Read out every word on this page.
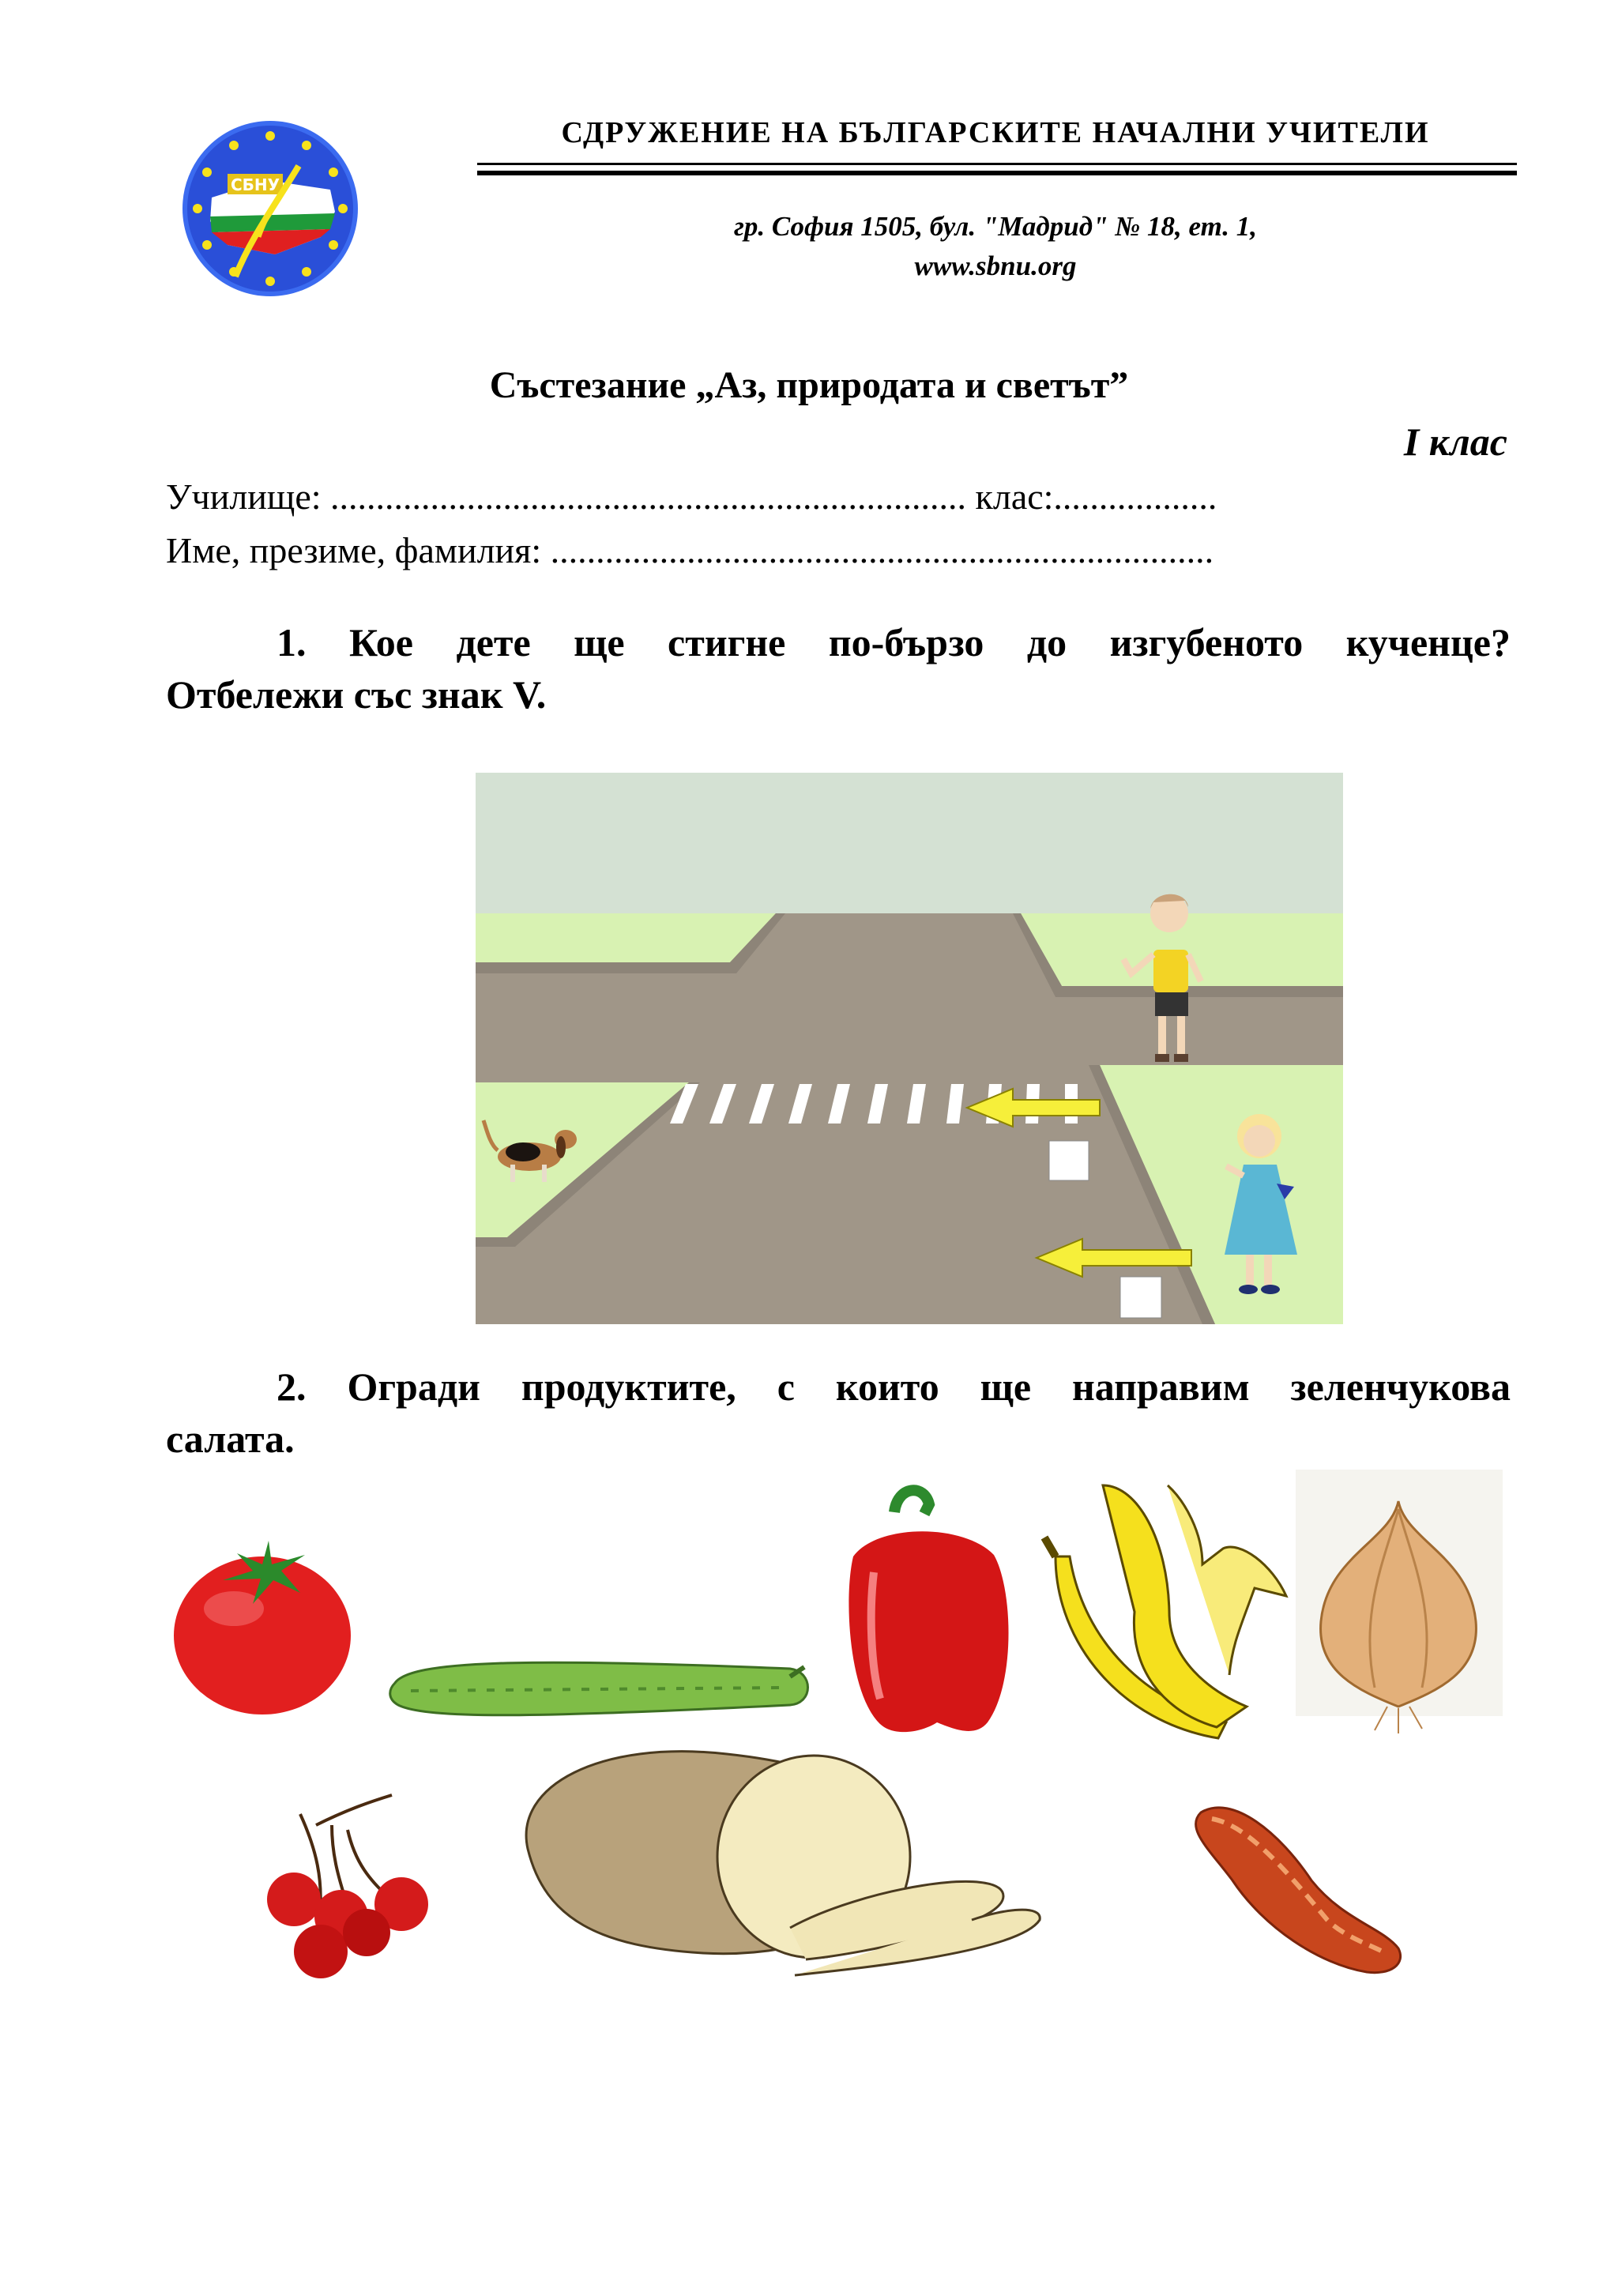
СБНУ
СДРУЖЕНИЕ НА БЪЛГАРСКИТЕ НАЧАЛНИ УЧИТЕЛИ
гр. София 1505, бул. "Мадрид" № 18, ет. 1,
www.sbnu.org
Състезание „Аз, природата и светът”
I клас
Училище: ...................................................................... клас:..................
Име, презиме, фамилия: .........................................................................
1. Кое дете ще стигне по-бързо до изгубеното кученце?
Отбележи със знак V.
2. Огради продуктите, с които ще направим зеленчукова
салата.
